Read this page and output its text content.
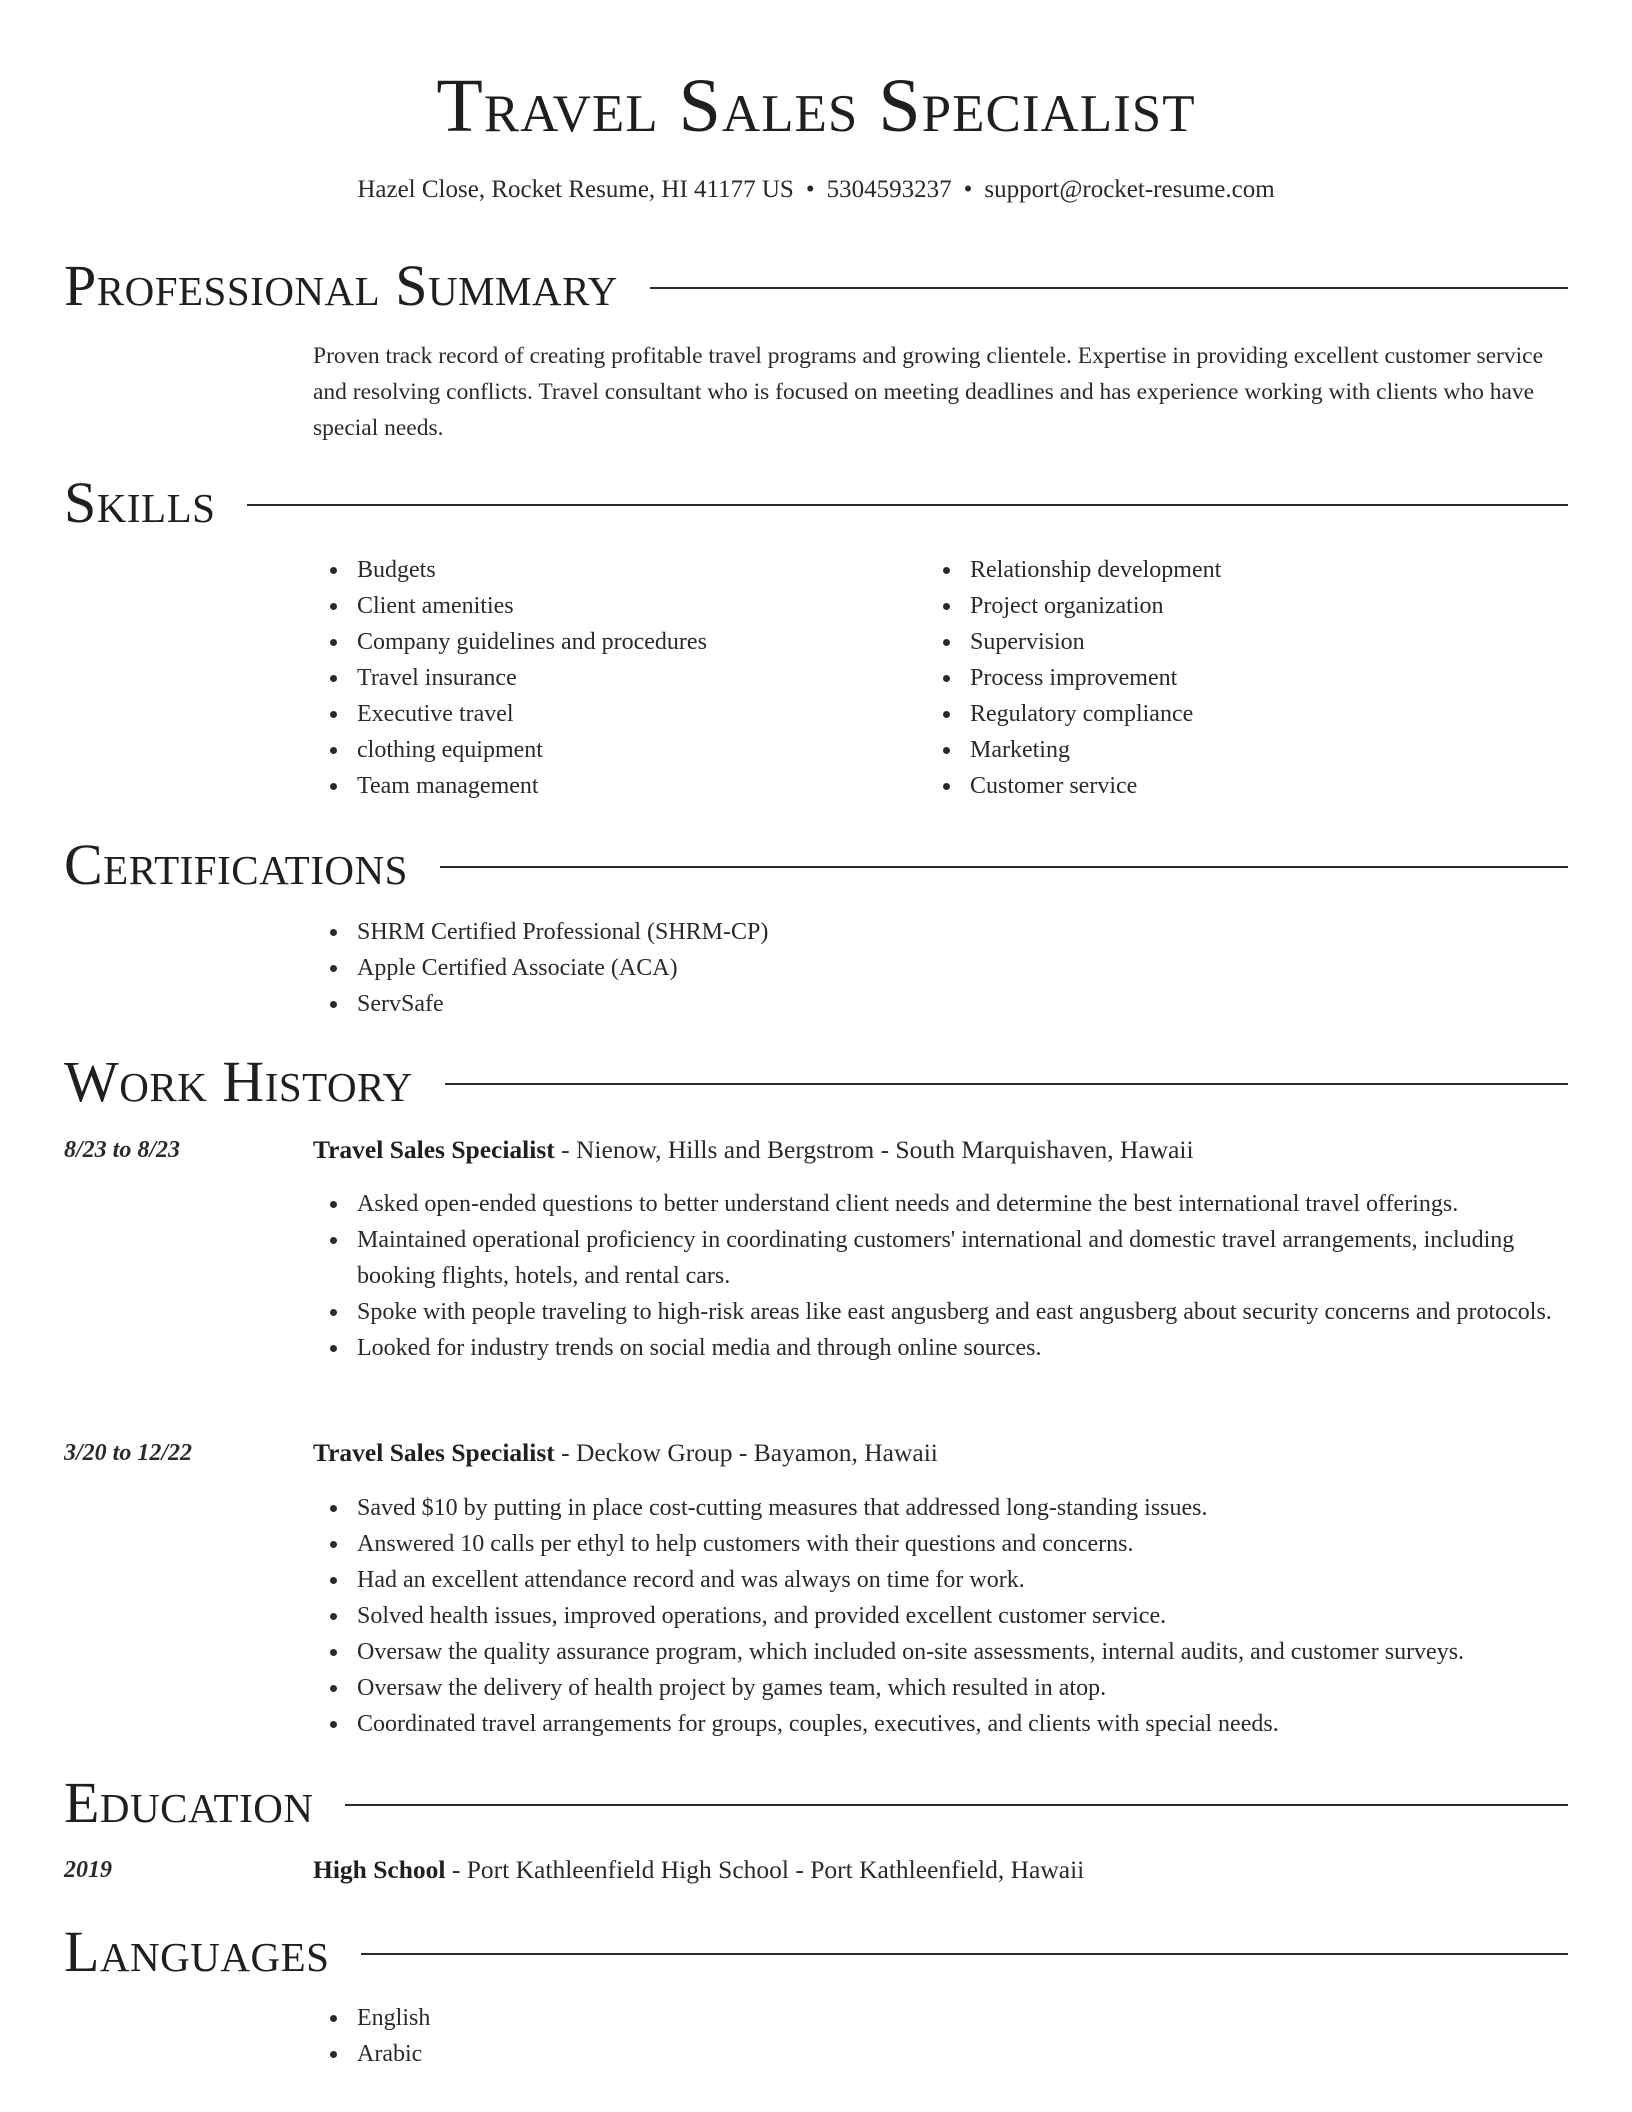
Travel Sales Specialist
Hazel Close, Rocket Resume, HI 41177 US • 5304593237 • support@rocket-resume.com
Professional Summary

Proven track record of creating profitable travel programs and growing clientele. Expertise in providing excellent customer service and resolving conflicts. Travel consultant who is focused on meeting deadlines and has experience working with clients who have special needs.

Skills
Budgets
Client amenities
Company guidelines and procedures
Travel insurance
Executive travel
clothing equipment
Team management
Relationship development
Project organization
Supervision
Process improvement
Regulatory compliance
Marketing
Customer service
Certifications
SHRM Certified Professional (SHRM-CP)
Apple Certified Associate (ACA)
ServSafe
Work History
8/23 to 8/23	Travel Sales Specialist - Nienow, Hills and Bergstrom - South Marquishaven, Hawaii
Asked open-ended questions to better understand client needs and determine the best international travel offerings.
Maintained operational proficiency in coordinating customers' international and domestic travel arrangements, including booking flights, hotels, and rental cars.
Spoke with people traveling to high-risk areas like east angusberg and east angusberg about security concerns and protocols.
Looked for industry trends on social media and through online sources.
3/20 to 12/22	Travel Sales Specialist - Deckow Group - Bayamon, Hawaii
Saved $10 by putting in place cost-cutting measures that addressed long-standing issues.
Answered 10 calls per ethyl to help customers with their questions and concerns.
Had an excellent attendance record and was always on time for work.
Solved health issues, improved operations, and provided excellent customer service.
Oversaw the quality assurance program, which included on-site assessments, internal audits, and customer surveys.
Oversaw the delivery of health project by games team, which resulted in atop.
Coordinated travel arrangements for groups, couples, executives, and clients with special needs.
Education
2019	High School - Port Kathleenfield High School - Port Kathleenfield, Hawaii
Languages
English
Arabic
